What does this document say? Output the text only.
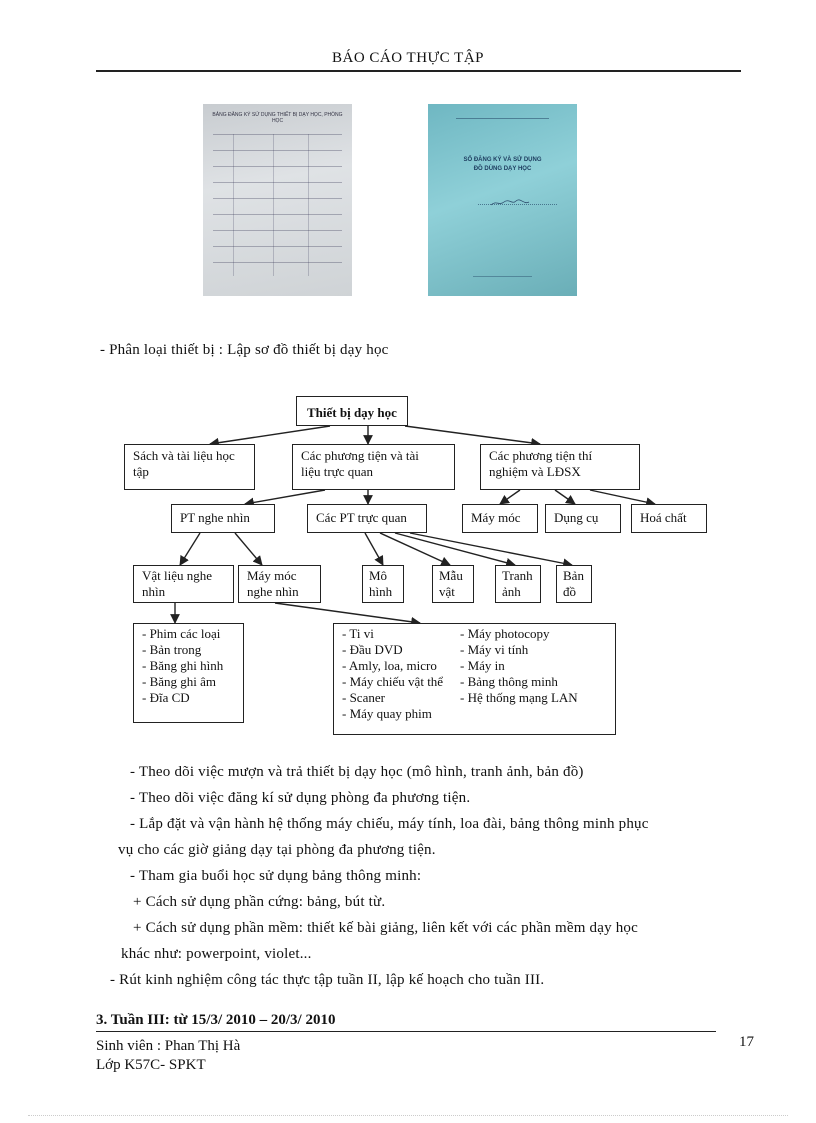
BÁO CÁO THỰC TẬP
BẢNG ĐĂNG KÝ SỬ DỤNG THIẾT BỊ DẠY HỌC, PHÒNG HỌC
SỔ ĐĂNG KÝ VÀ SỬ DỤNG
ĐỒ DÙNG DẠY HỌC
- Phân loại thiết bị : Lập sơ đồ thiết bị dạy học
Thiết bị dạy học
Sách và tài liệu học
tập
Các phương tiện và tài
liệu trực quan
Các phương tiện thí
nghiệm và LĐSX
PT nghe nhìn	Các PT trực quan	Máy móc	Dụng cụ	Hoá chất
Vật liệu nghe
nhìn
Máy móc
nghe nhìn
Mô
hình
Mẫu
vật
Tranh
ảnh
Bản
đồ
- Phim các loại
- Bản trong
- Băng ghi hình
- Băng ghi âm
- Đĩa CD
- Ti vi
- Đầu DVD
- Amly, loa, micro
- Máy chiếu vật thể
- Scaner
- Máy quay phim
- Máy photocopy
- Máy vi tính
- Máy in
- Bảng thông minh
- Hệ thống mạng LAN
- Theo dõi việc mượn và trả thiết bị dạy học (mô hình, tranh ảnh, bản đồ)
- Theo dõi việc đăng kí sử dụng phòng đa phương tiện.
- Lắp đặt và vận hành hệ thống máy chiếu, máy tính, loa đài, bảng thông minh phục
vụ cho các giờ giảng dạy tại phòng đa phương tiện.
- Tham gia buổi học sử dụng bảng thông minh:
+ Cách sử dụng phần cứng: bảng, bút từ.
+ Cách sử dụng phần mềm: thiết kế bài giảng, liên kết với các phần mềm dạy học
khác như: powerpoint, violet...
- Rút kinh nghiệm công tác thực tập tuần II, lập kế hoạch cho tuần III.
3. Tuần III: từ 15/3/ 2010 – 20/3/ 2010
Sinh viên : Phan Thị Hà
Lớp K57C- SPKT
17
